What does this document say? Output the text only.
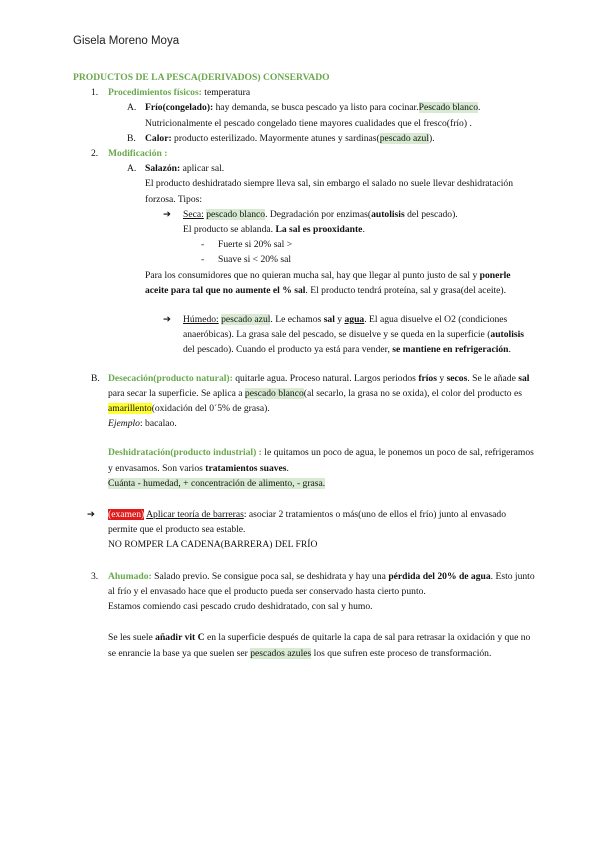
Gisela Moreno Moya

PRODUCTOS DE LA PESCA(DERIVADOS) CONSERVADO

1. Procedimientos físicos: temperatura
A. Frío(congelado): hay demanda, se busca pescado ya listo para cocinar.Pescado blanco. Nutricionalmente el pescado congelado tiene mayores cualidades que el fresco(frío) .
B. Calor: producto esterilizado. Mayormente atunes y sardinas(pescado azul).
2. Modificación :
A. Salazón: aplicar sal.

El producto deshidratado siempre lleva sal, sin embargo el salado no suele llevar deshidratación forzosa. Tipos:

➔ Seca: pescado blanco. Degradación por enzimas(autolisis del pescado).
El producto se ablanda. La sal es prooxidante.
- Fuerte si 20% sal >
- Suave si < 20% sal

Para los consumidores que no quieran mucha sal, hay que llegar al punto justo de sal y ponerle aceite para tal que no aumente el % sal. El producto tendrá proteína, sal y grasa(del aceite).

➔ Húmedo: pescado azul. Le echamos sal y agua. El agua disuelve el O2 (condiciones anaeróbicas). La grasa sale del pescado, se disuelve y se queda en la superficie (autolisis del pescado). Cuando el producto ya está para vender, se mantiene en refrigeración.
B. Desecación(producto natural): quitarle agua. Proceso natural. Largos periodos fríos y secos. Se le añade sal para secar la superficie. Se aplica a pescado blanco(al secarlo, la grasa no se oxida), el color del producto es amarillento(oxidación del 0´5% de grasa).
Ejemplo: bacalao.
Deshidratación(producto industrial) : le quitamos un poco de agua, le ponemos un poco de sal, refrigeramos y envasamos. Son varios tratamientos suaves.
Cuánta - humedad, + concentración de alimento, - grasa.
➔ (examen) Aplicar teoría de barreras: asociar 2 tratamientos o más(uno de ellos el frío) junto al envasado permite que el producto sea estable.
NO ROMPER LA CADENA(BARRERA) DEL FRÍO
3. Ahumado: Salado previo. Se consigue poca sal, se deshidrata y hay una pérdida del 20% de agua. Esto junto al frío y el envasado hace que el producto pueda ser conservado hasta cierto punto.
Estamos comiendo casi pescado crudo deshidratado, con sal y humo.

Se les suele añadir vit C en la superficie después de quitarle la capa de sal para retrasar la oxidación y que no se enrancie la base ya que suelen ser pescados azules los que sufren este proceso de transformación.
